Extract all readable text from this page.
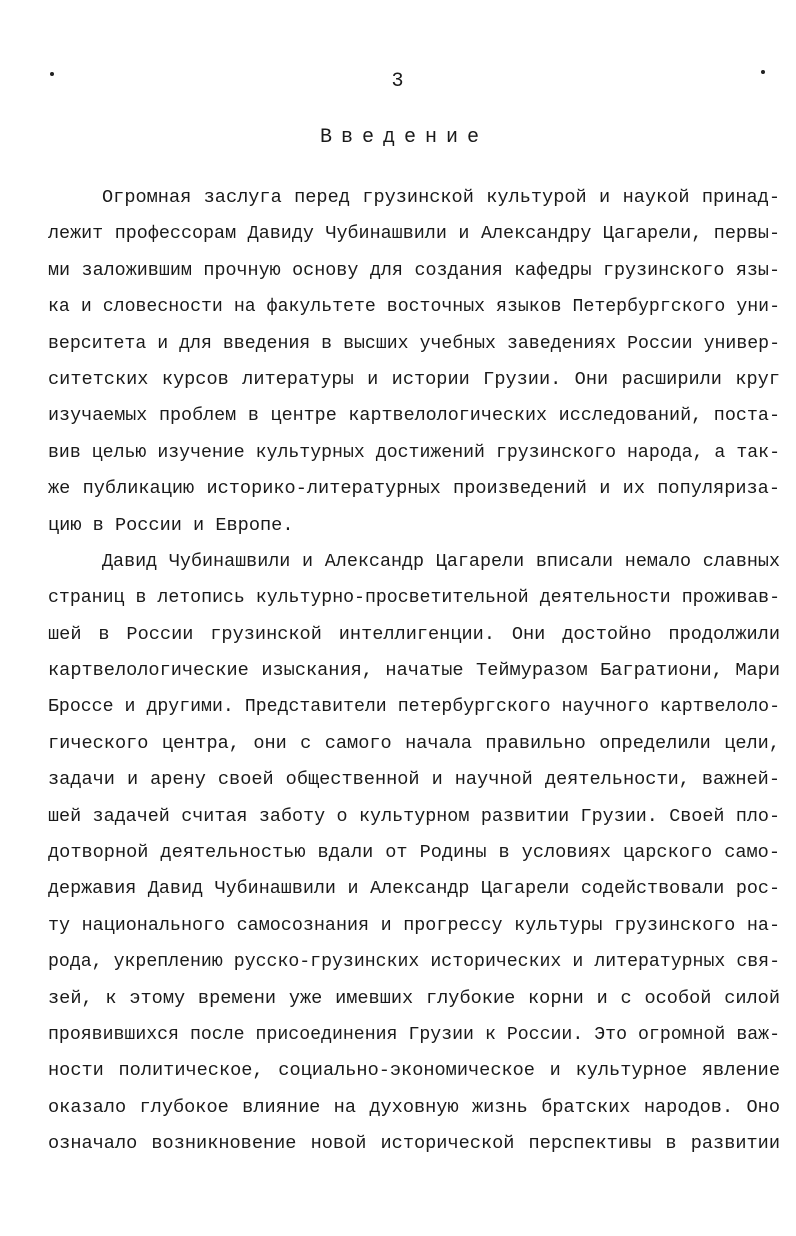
3
Введение
Огромная заслуга перед грузинской культурой и наукой принад-
лежит профессорам Давиду Чубинашвили и Александру Цагарели, первы-
ми заложившим прочную основу для создания кафедры грузинского язы-
ка и словесности на факультете восточных языков Петербургского уни-
верситета и для введения в высших учебных заведениях России универ-
ситетских курсов литературы и истории Грузии. Они расширили круг
изучаемых проблем в центре картвелологических исследований, поста-
вив целью изучение культурных достижений грузинского народа, а так-
же публикацию историко-литературных произведений и их популяриза-
цию в России и Европе.
Давид Чубинашвили и Александр Цагарели вписали немало славных
страниц в летопись культурно-просветительной деятельности проживав-
шей в России грузинской интеллигенции. Они достойно продолжили
картвелологические изыскания, начатые Теймуразом Багратиони, Мари
Броссе и другими. Представители петербургского научного картвелоло-
гического центра, они с самого начала правильно определили цели,
задачи и арену своей общественной и научной деятельности, важней-
шей задачей считая заботу о культурном развитии Грузии. Своей пло-
дотворной деятельностью вдали от Родины в условиях царского само-
державия Давид Чубинашвили и Александр Цагарели содействовали рос-
ту национального самосознания и прогрессу культуры грузинского на-
рода, укреплению русско-грузинских исторических и литературных свя-
зей, к этому времени уже имевших глубокие корни и с особой силой
проявившихся после присоединения Грузии к России. Это огромной важ-
ности политическое, социально-экономическое и культурное явление
оказало глубокое влияние на духовную жизнь братских народов. Оно
означало возникновение новой исторической перспективы в развитии
